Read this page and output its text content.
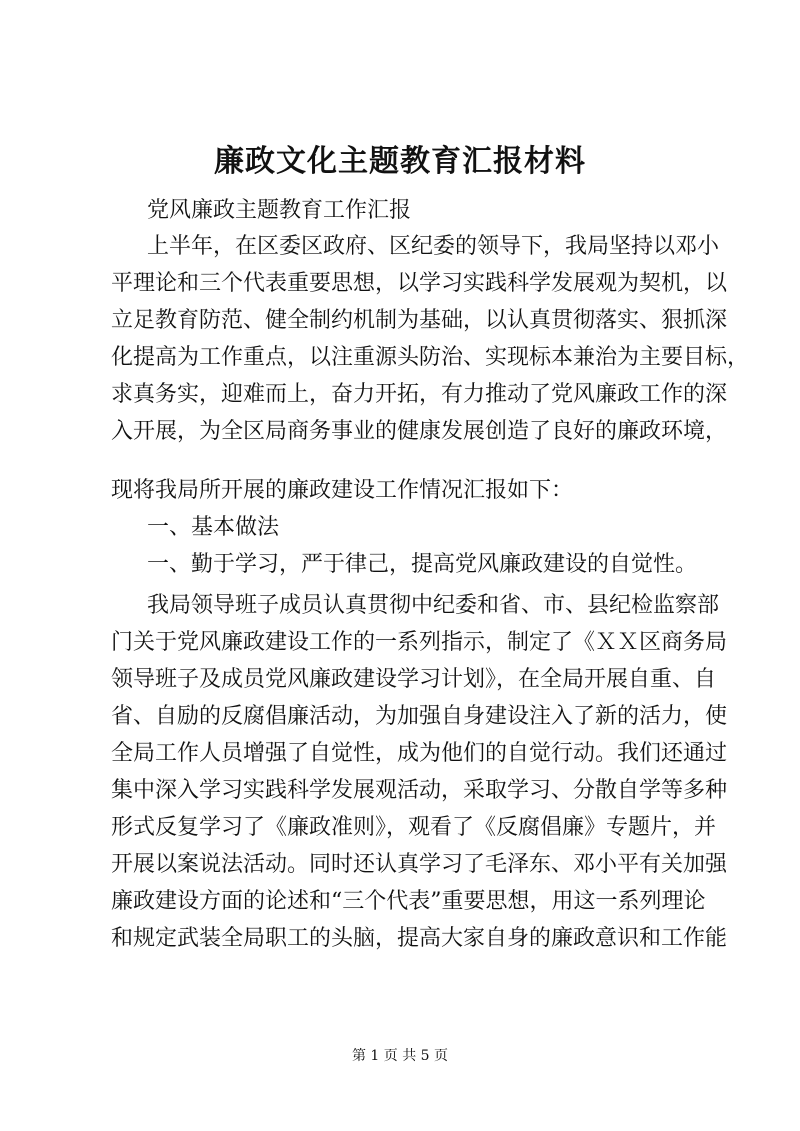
廉政文化主题教育汇报材料

党风廉政主题教育工作汇报

上半年，在区委区政府、区纪委的领导下，我局坚持以邓小

平理论和三个代表重要思想，以学习实践科学发展观为契机，以

立足教育防范、健全制约机制为基础，以认真贯彻落实、狠抓深

化提高为工作重点，以注重源头防治、实现标本兼治为主要目标，

求真务实，迎难而上，奋力开拓，有力推动了党风廉政工作的深

入开展，为全区局商务事业的健康发展创造了良好的廉政环境，

现将我局所开展的廉政建设工作情况汇报如下：

一、基本做法

一、勤于学习，严于律己，提高党风廉政建设的自觉性。

我局领导班子成员认真贯彻中纪委和省、市、县纪检监察部

门关于党风廉政建设工作的一系列指示，制定了《ＸＸ区商务局

领导班子及成员党风廉政建设学习计划》，在全局开展自重、自

省、自励的反腐倡廉活动，为加强自身建设注入了新的活力，使

全局工作人员增强了自觉性，成为他们的自觉行动。我们还通过

集中深入学习实践科学发展观活动，采取学习、分散自学等多种

形式反复学习了《廉政准则》，观看了《反腐倡廉》专题片，并

开展以案说法活动。同时还认真学习了毛泽东、邓小平有关加强

廉政建设方面的论述和“三个代表”重要思想，用这一系列理论

和规定武装全局职工的头脑，提高大家自身的廉政意识和工作能

第 1 页 共 5 页
